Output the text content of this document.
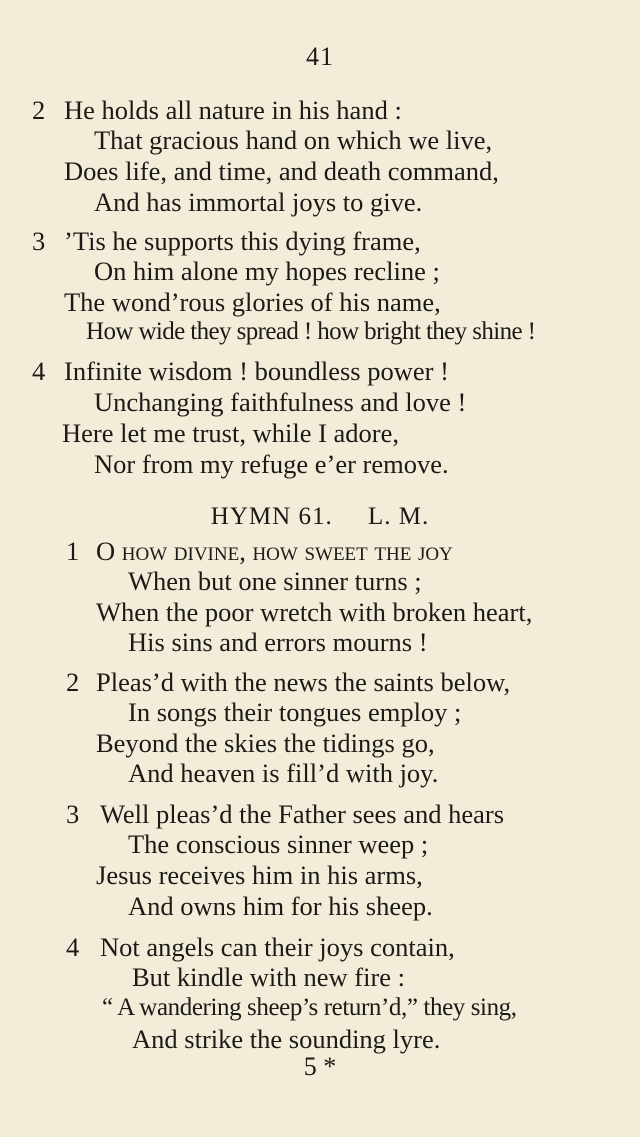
41
2 He holds all nature in his hand :
That gracious hand on which we live,
Does life, and time, and death command,
And has immortal joys to give.
3 ’Tis he supports this dying frame,
On him alone my hopes recline ;
The wond’rous glories of his name,
How wide they spread ! how bright they shine !
4 Infinite wisdom ! boundless power !
Unchanging faithfulness and love !
Here let me trust, while I adore,
Nor from my refuge e’er remove.
HYMN 61. L. M.
1 O how divine, how sweet the joy
When but one sinner turns ;
When the poor wretch with broken heart,
His sins and errors mourns !
2 Pleas’d with the news the saints below,
In songs their tongues employ ;
Beyond the skies the tidings go,
And heaven is fill’d with joy.
3 Well pleas’d the Father sees and hears
The conscious sinner weep ;
Jesus receives him in his arms,
And owns him for his sheep.
4 Not angels can their joys contain,
But kindle with new fire :
“ A wandering sheep’s return’d,” they sing,
And strike the sounding lyre.
5 *
